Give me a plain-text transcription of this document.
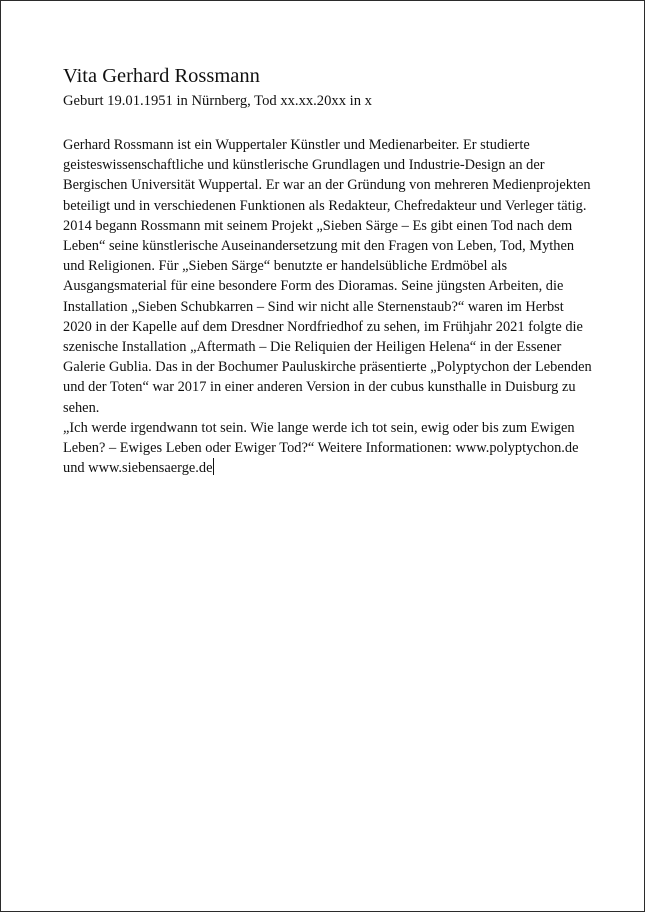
Vita Gerhard Rossmann
Geburt 19.01.1951 in Nürnberg, Tod xx.xx.20xx in x

Gerhard Rossmann ist ein Wuppertaler Künstler und Medienarbeiter. Er studierte geisteswissenschaftliche und künstlerische Grundlagen und Industrie-Design an der Bergischen Universität Wuppertal. Er war an der Gründung von mehreren Medienprojekten beteiligt und in verschiedenen Funktionen als Redakteur, Chefredakteur und Verleger tätig. 2014 begann Rossmann mit seinem Projekt „Sieben Särge – Es gibt einen Tod nach dem Leben“ seine künstlerische Auseinandersetzung mit den Fragen von Leben, Tod, Mythen und Religionen. Für „Sieben Särge“ benutzte er handelsübliche Erdmöbel als Ausgangsmaterial für eine besondere Form des Dioramas. Seine jüngsten Arbeiten, die Installation „Sieben Schubkarren – Sind wir nicht alle Sternenstaub?“ waren im Herbst 2020 in der Kapelle auf dem Dresdner Nordfriedhof zu sehen, im Frühjahr 2021 folgte die szenische Installation „Aftermath – Die Reliquien der Heiligen Helena“ in der Essener Galerie Gublia. Das in der Bochumer Pauluskirche präsentierte „Polyptychon der Lebenden und der Toten“ war 2017 in einer anderen Version in der cubus kunsthalle in Duisburg zu sehen.

„Ich werde irgendwann tot sein. Wie lange werde ich tot sein, ewig oder bis zum Ewigen Leben? – Ewiges Leben oder Ewiger Tod?“ Weitere Informationen: www.polyptychon.de und www.siebensaerge.de
